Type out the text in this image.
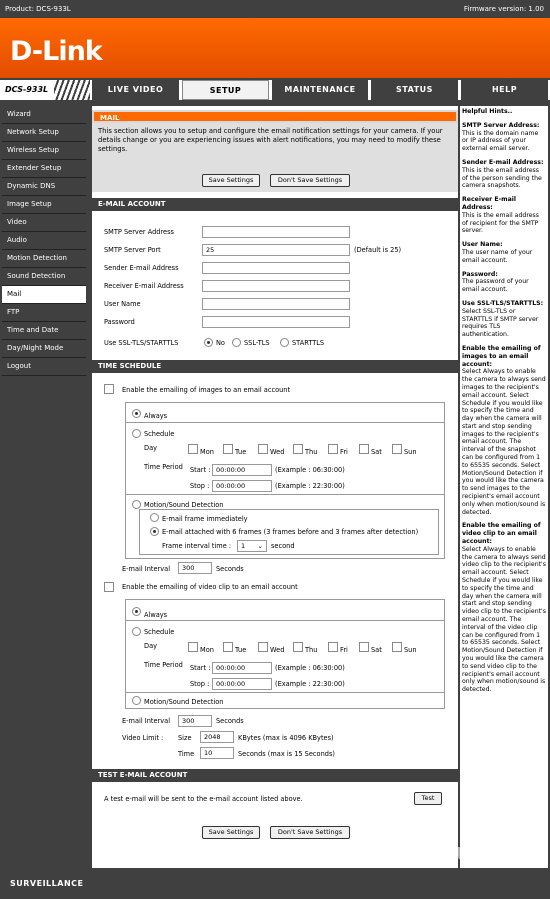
Product: DCS-933L	Firmware version: 1.00
D-Link
DCS-933L	LIVE VIDEO	SETUP	MAINTENANCE	STATUS	HELP
Wizard
Network Setup
Wireless Setup
Extender Setup
Dynamic DNS
Image Setup
Video
Audio
Motion Detection
Sound Detection
Mail
FTP
Time and Date
Day/Night Mode
Logout
MAIL
This section allows you to setup and configure the email notification settings for your camera. If your details change or you are experiencing issues with alert notifications, you may need to modify these settings.
Save Settings	Don't Save Settings
E-MAIL ACCOUNT
SMTP Server Address
SMTP Server Port	25	(Default is 25)
Sender E-mail Address
Receiver E-mail Address
User Name
Password
Use SSL-TLS/STARTTLS	No	SSL-TLS	STARTTLS
TIME SCHEDULE
Enable the emailing of images to an email account
Always
Schedule
Day	Mon	Tue	Wed	Thu	Fri	Sat	Sun
Time Period Start : 00:00:00	(Example : 06:30:00)
Stop :	00:00:00	(Example : 22:30:00)
Motion/Sound Detection
E-mail frame immediately
E-mail attached with 6 frames (3 frames before and 3 frames after detection)
Frame interval time :	1 ⌄ second
E-mail Interval	300	Seconds
Enable the emailing of video clip to an email account
Always
Schedule
Day	Mon	Tue	Wed	Thu	Fri	Sat	Sun
Time Period Start : 00:00:00	(Example : 06:30:00)
Stop :	00:00:00	(Example : 22:30:00)
Motion/Sound Detection
E-mail Interval	300	Seconds
Video Limit : Size	2048	KBytes (max is 4096 KBytes)
Time	10	Seconds (max is 15 Seconds)
TEST E-MAIL ACCOUNT
A test e-mail will be sent to the e-mail account listed above.	Test
Save Settings	Don't Save Settings

Helpful Hints..

SMTP Server Address:
This is the domain name or IP address of your external email server.

Sender E-mail Address:
This is the email address of the person sending the camera snapshots.

Receiver E-mail Address:
This is the email address of recipient for the SMTP server.

User Name:
The user name of your email account.

Password:
The password of your email account.

Use SSL-TLS/STARTTLS:
Select SSL-TLS or STARTTLS if SMTP server requires TLS authentication.

Enable the emailing of images to an email account:
Select Always to enable the camera to always send images to the recipient's email account. Select Schedule if you would like to specify the time and day when the camera will start and stop sending images to the recipient's email account. The interval of the snapshot can be configured from 1 to 65535 seconds. Select Motion/Sound Detection if you would like the camera to send images to the recipient's email account only when motion/sound is detected.

Enable the emailing of video clip to an email account:
Select Always to enable the camera to always send video clip to the recipient's email account. Select Schedule if you would like to specify the time and day when the camera will start and stop sending video clip to the recipient's email account. The interval of the video clip can be configured from 1 to 65535 seconds. Select Motion/Sound Detection if you would like the camera to send video clip to the recipient's email account only when motion/sound is detected.

SURVEILLANCE
JagatReview
